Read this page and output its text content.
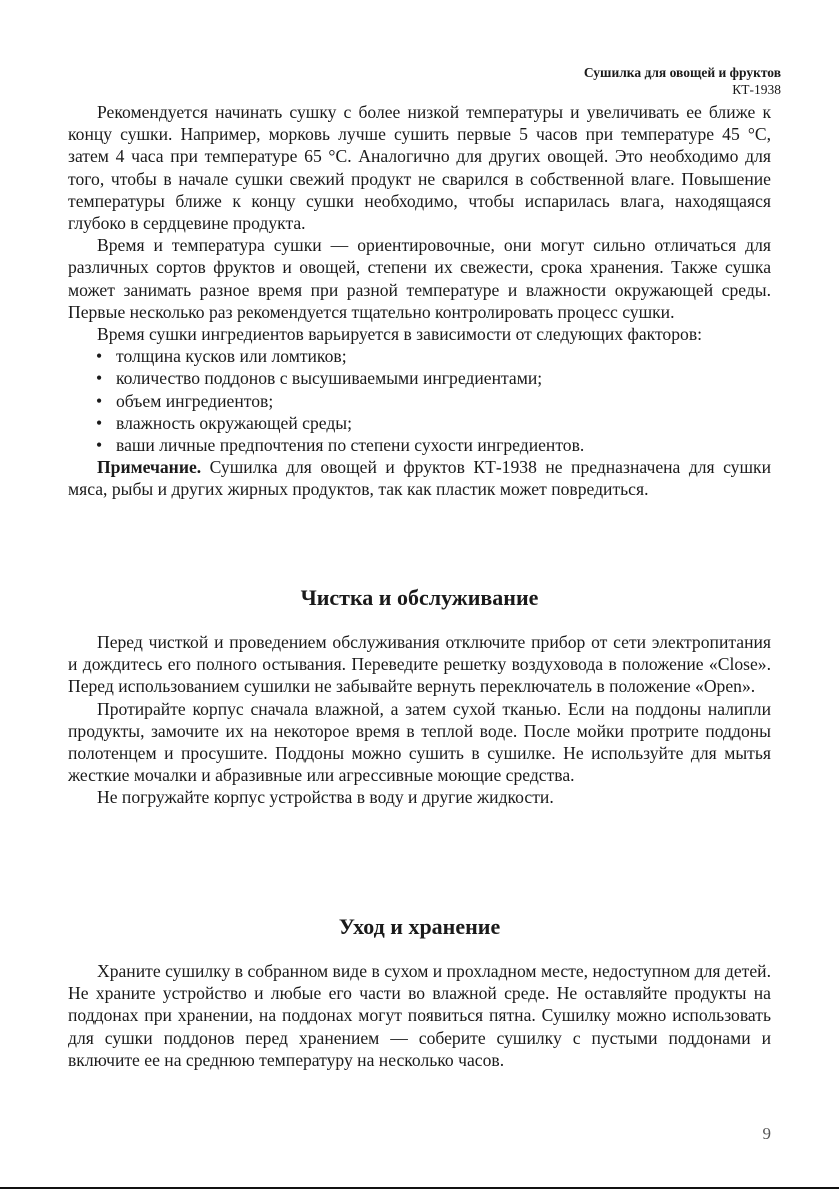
Сушилка для овощей и фруктов
КТ-1938

Рекомендуется начинать сушку с более низкой температуры и увеличивать ее ближе к концу сушки. Например, морковь лучше сушить первые 5 часов при температуре 45 °С, затем 4 часа при температуре 65 °С. Аналогично для других овощей. Это необходимо для того, чтобы в начале сушки свежий продукт не сварился в собственной влаге. Повышение температуры ближе к концу сушки необходимо, чтобы испарилась влага, находящаяся глубоко в сердцевине продукта.

Время и температура сушки — ориентировочные, они могут сильно отличаться для различных сортов фруктов и овощей, степени их свежести, срока хранения. Также сушка может занимать разное время при разной температуре и влажности окружающей среды. Первые несколько раз рекомендуется тщательно контролировать процесс сушки.

Время сушки ингредиентов варьируется в зависимости от следующих факторов:

• толщина кусков или ломтиков;
• количество поддонов с высушиваемыми ингредиентами;
• объем ингредиентов;
• влажность окружающей среды;
• ваши личные предпочтения по степени сухости ингредиентов.

Примечание. Сушилка для овощей и фруктов КТ-1938 не предназначена для сушки мяса, рыбы и других жирных продуктов, так как пластик может повредиться.

Чистка и обслуживание

Перед чисткой и проведением обслуживания отключите прибор от сети электропитания и дождитесь его полного остывания. Переведите решетку воздуховода в положение «Close». Перед использованием сушилки не забывайте вернуть переключатель в положение «Open».

Протирайте корпус сначала влажной, а затем сухой тканью. Если на поддоны налипли продукты, замочите их на некоторое время в теплой воде. После мойки протрите поддоны полотенцем и просушите. Поддоны можно сушить в сушилке. Не используйте для мытья жесткие мочалки и абразивные или агрессивные моющие средства.

Не погружайте корпус устройства в воду и другие жидкости.

Уход и хранение

Храните сушилку в собранном виде в сухом и прохладном месте, недоступном для детей. Не храните устройство и любые его части во влажной среде. Не оставляйте продукты на поддонах при хранении, на поддонах могут появиться пятна. Сушилку можно использовать для сушки поддонов перед хранением — соберите сушилку с пустыми поддонами и включите ее на среднюю температуру на несколько часов.

9
